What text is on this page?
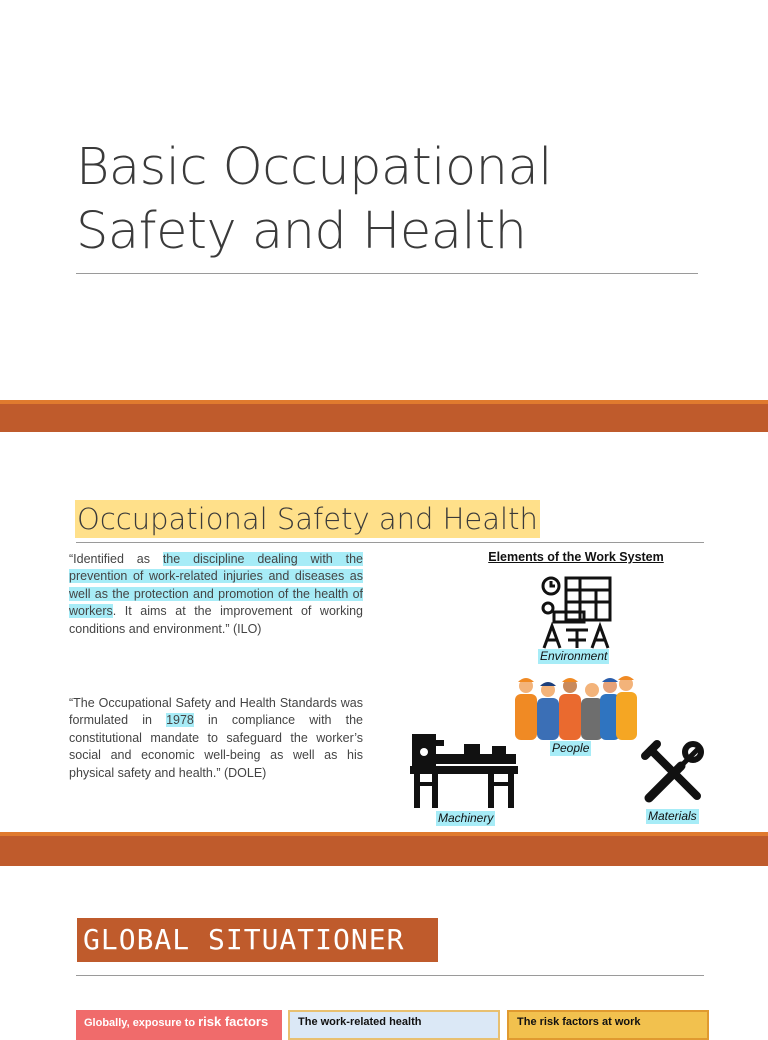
Basic Occupational
Safety and Health
Occupational Safety and Health
“Identified as the discipline dealing with the prevention of work-related injuries and diseases as well as the protection and promotion of the health of workers. It aims at the improvement of working conditions and environment.” (ILO)
“The Occupational Safety and Health Standards was formulated in 1978 in compliance with the constitutional mandate to safeguard the worker’s social and economic well-being as well as his physical safety and health.” (DOLE)
Elements of the Work System
Environment
People
Machinery	Materials
GLOBAL SITUATIONER
Globally, exposure to risk factors	The work-related health	The risk factors at work
